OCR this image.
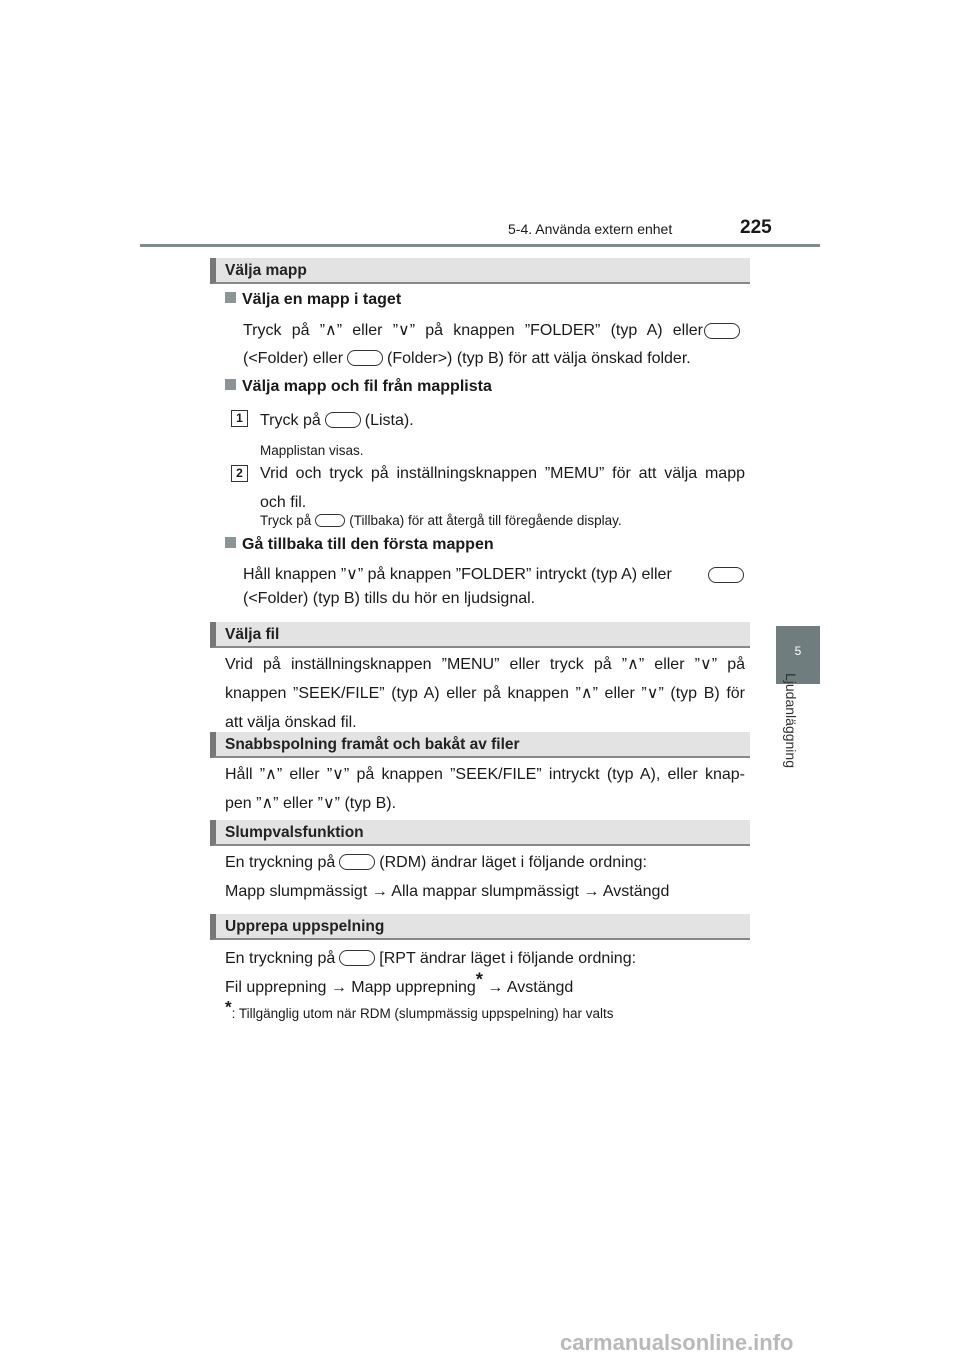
5-4. Använda extern enhet	225
5
Ljudanläggning
Välja mapp
Välja en mapp i taget
Tryck på ”∧” eller ”∨” på knappen ”FOLDER” (typ A) eller
(<Folder) eller	(Folder>) (typ B) för att välja önskad folder.
Välja mapp och fil från mapplista
1	Tryck på	(Lista).
Mapplistan visas.
2	Vrid och tryck på inställningsknappen ”MEMU” för att välja mapp
och fil.
Tryck på	(Tillbaka) för att återgå till föregående display.
Gå tillbaka till den första mappen
Håll knappen ”∨” på knappen ”FOLDER” intryckt (typ A) eller
(<Folder) (typ B) tills du hör en ljudsignal.
Välja fil
Vrid på inställningsknappen ”MENU” eller tryck på ”∧” eller ”∨” på
knappen ”SEEK/FILE” (typ A) eller på knappen ”∧” eller ”∨” (typ B) för
att välja önskad fil.
Snabbspolning framåt och bakåt av filer
Håll ”∧” eller ”∨” på knappen ”SEEK/FILE” intryckt (typ A), eller knap-
pen ”∧” eller ”∨” (typ B).
Slumpvalsfunktion
En tryckning på	(RDM) ändrar läget i följande ordning:
Mapp slumpmässigt → Alla mappar slumpmässigt → Avstängd
Upprepa uppspelning
En tryckning på	[RPT ändrar läget i följande ordning:
Fil upprepning → Mapp upprepning* → Avstängd
*: Tillgänglig utom när RDM (slumpmässig uppspelning) har valts
carmanualsonline.info
